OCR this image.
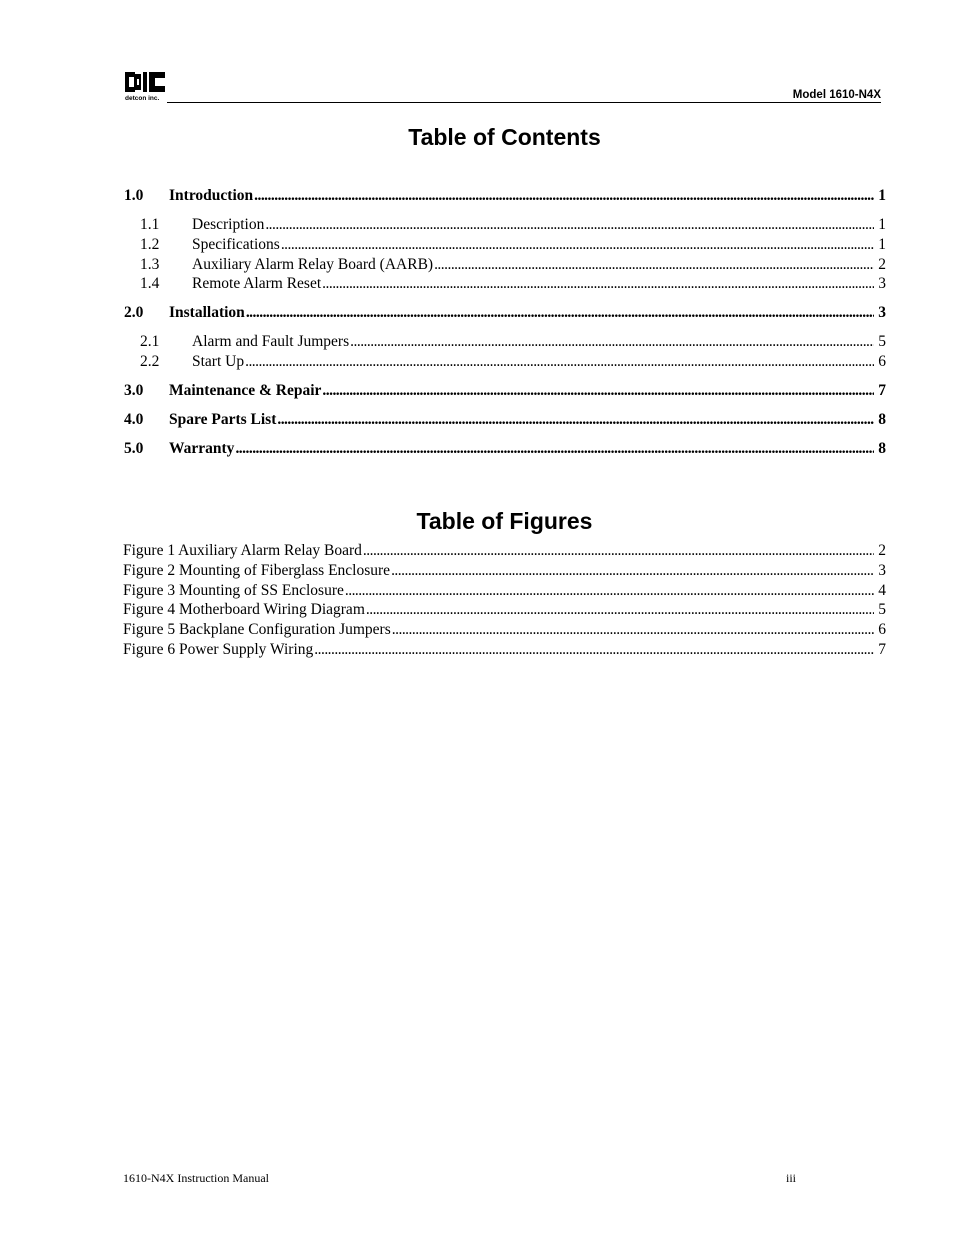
detcon inc.	Model 1610-N4X
Table of Contents
1.0	Introduction . . .	1
1.1	Description . . .	1
1.2	Specifications . . .	1
1.3	Auxiliary Alarm Relay Board (AARB) . . .	2
1.4	Remote Alarm Reset . . .	3
2.0	Installation . . .	3
2.1	Alarm and Fault Jumpers . . .	5
2.2	Start Up . . .	6
3.0	Maintenance & Repair . . .	7
4.0	Spare Parts List . . .	8
5.0	Warranty . . .	8
Table of Figures
Figure 1 Auxiliary Alarm Relay Board . . .	2
Figure 2 Mounting of Fiberglass Enclosure . . .	3
Figure 3 Mounting of SS Enclosure . . .	4
Figure 4 Motherboard Wiring Diagram . . .	5
Figure 5 Backplane Configuration Jumpers . . .	6
Figure 6 Power Supply Wiring . . .	7
1610-N4X Instruction Manual	iii
